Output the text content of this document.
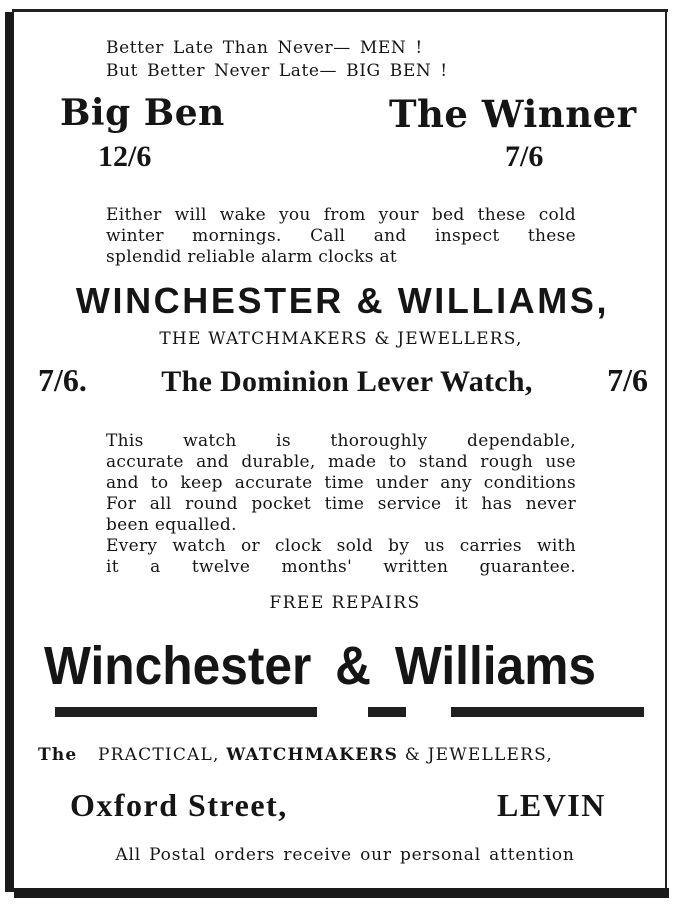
Better Late Than Never— MEN !
But Better Never Late— BIG BEN !
Big Ben	The Winner
12/6	7/6
Either will wake you from your bed these cold
winter mornings. Call and inspect these
splendid reliable alarm clocks at
WINCHESTER & WILLIAMS,
THE WATCHMAKERS & JEWELLERS,
7/6. The Dominion Lever Watch, 7/6
This watch is thoroughly dependable,
accurate and durable, made to stand rough use
and to keep accurate time under any conditions
For all round pocket time service it has never
been equalled.
Every watch or clock sold by us carries with
it a twelve months' written guarantee.
FREE REPAIRS
Winchester & Williams
The PRACTICAL, WATCHMAKERS & JEWELLERS,
Oxford Street,	LEVIN
All Postal orders receive our personal attention
